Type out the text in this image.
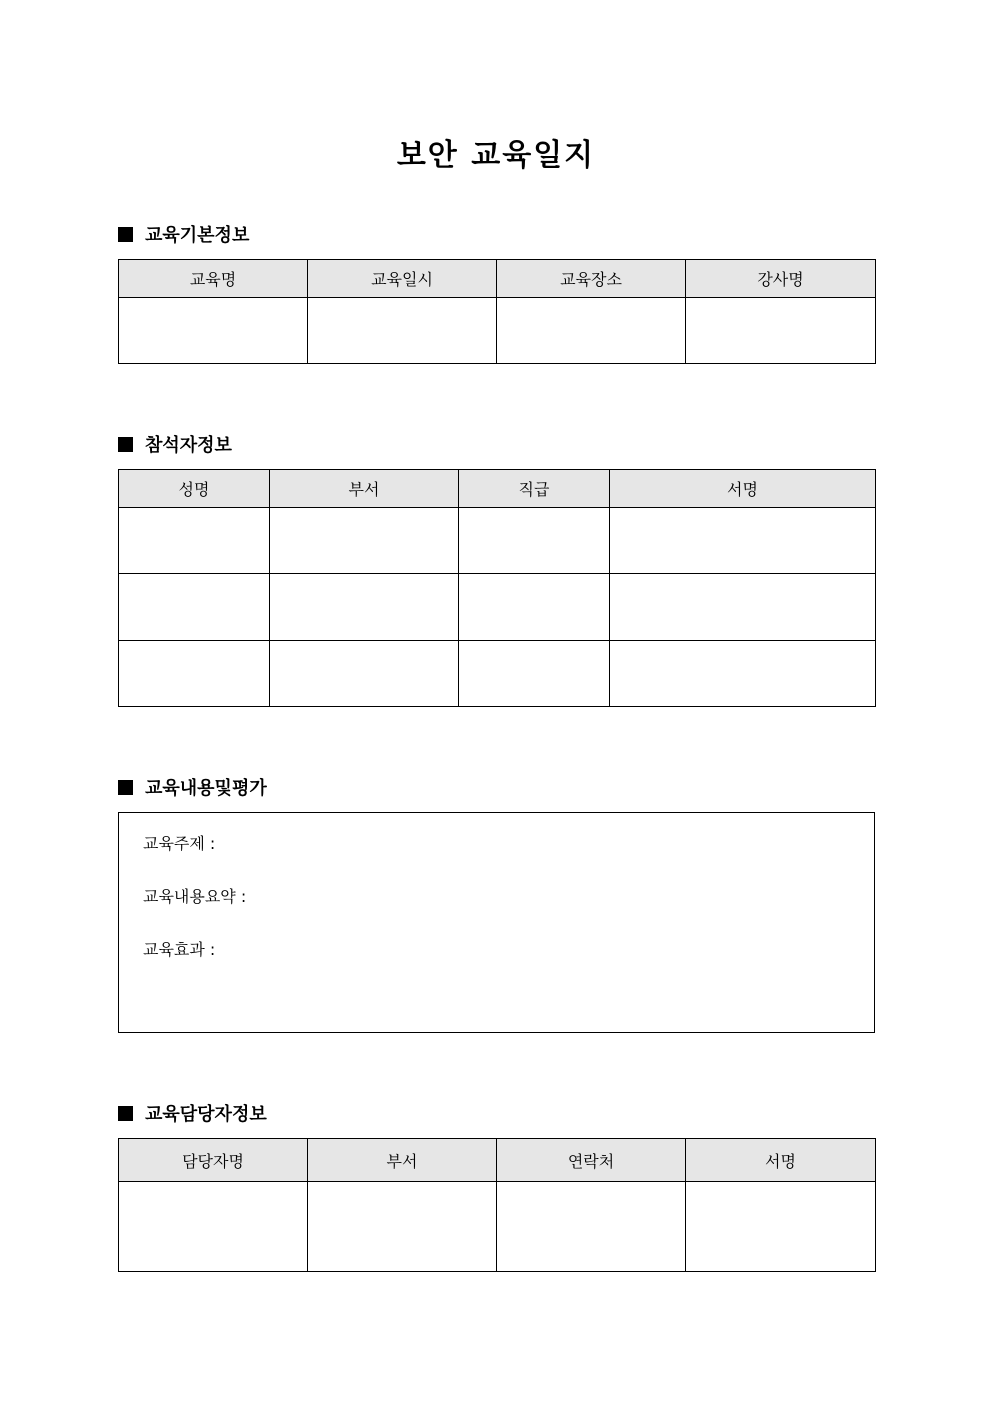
보안 교육일지
교육기본정보
교육명	교육일시	교육장소	강사명

참석자정보
성명	부서	직급	서명

교육내용및평가
교육주제 :
교육내용요약 :
교육효과 :
교육담당자정보
담당자명	부서	연락처	서명
